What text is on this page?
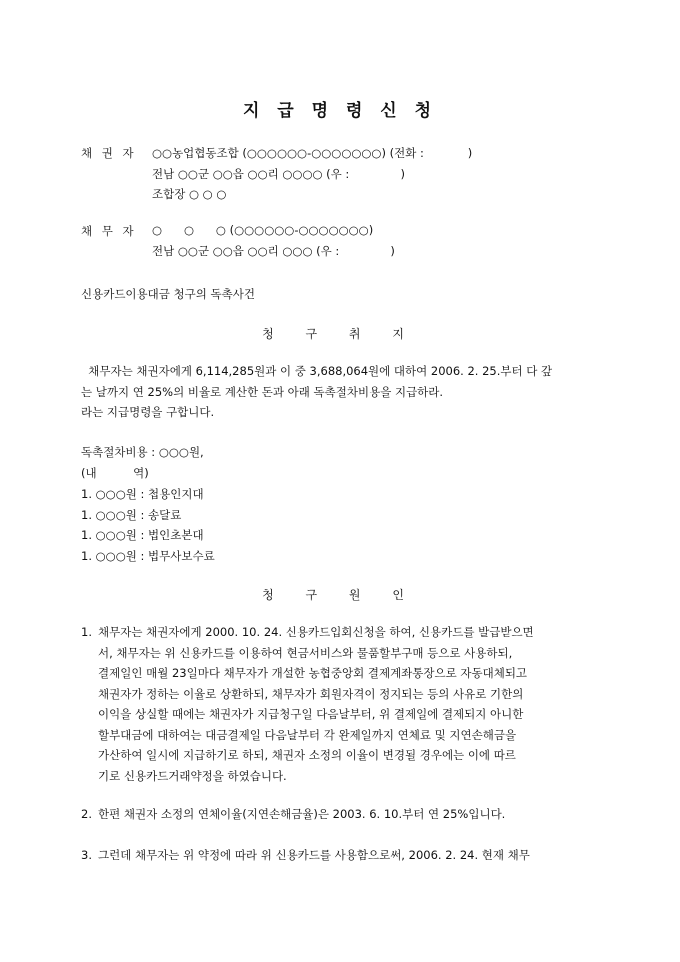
지 급 명 령 신 청
채 권 자 ○○농업협동조합 (○○○○○○-○○○○○○○) (전화 :            )
전남 ○○군 ○○읍 ○○리 ○○○○ (우 :              )
조합장 ○ ○ ○
채 무 자 ○      ○      ○ (○○○○○○-○○○○○○○)
전남 ○○군 ○○읍 ○○리 ○○○ (우 :              )
신용카드이용대금 청구의 독촉사건
청 구 취 지
채무자는 채권자에게 6,114,285원과 이 중 3,688,064원에 대하여 2006. 2. 25.부터 다 갚
는 날까지 연 25%의 비율로 계산한 돈과 아래 독촉절차비용을 지급하라.
라는 지급명령을 구합니다.
독촉절차비용 : ○○○원,
(내          역)
1. ○○○원 : 첩용인지대
1. ○○○원 : 송달료
1. ○○○원 : 법인초본대
1. ○○○원 : 법무사보수료
청 구 원 인
1. 채무자는 채권자에게 2000. 10. 24. 신용카드입회신청을 하여, 신용카드를 발급받으면
서, 채무자는 위 신용카드를 이용하여 현금서비스와 물품할부구매 등으로 사용하되,
결제일인 매월 23일마다 채무자가 개설한 농협중앙회 결제계좌통장으로 자동대체되고
채권자가 정하는 이율로 상환하되, 채무자가 회원자격이 정지되는 등의 사유로 기한의
이익을 상실할 때에는 채권자가 지급청구일 다음날부터, 위 결제일에 결제되지 아니한
할부대금에 대하여는 대금결제일 다음날부터 각 완제일까지 연체료 및 지연손해금을
가산하여 일시에 지급하기로 하되, 채권자 소정의 이율이 변경될 경우에는 이에 따르
기로 신용카드거래약정을 하였습니다.
2. 한편 채권자 소정의 연체이율(지연손해금율)은 2003. 6. 10.부터 연 25%입니다.
3. 그런데 채무자는 위 약정에 따라 위 신용카드를 사용함으로써, 2006. 2. 24. 현재 채무
